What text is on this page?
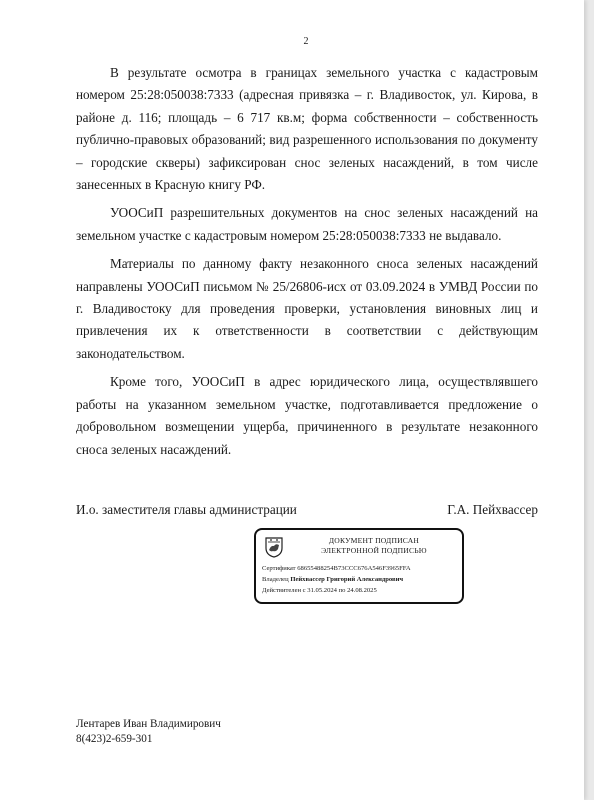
2

В результате осмотра в границах земельного участка с кадастровым номером 25:28:050038:7333 (адресная привязка – г. Владивосток, ул. Кирова, в районе д. 116; площадь – 6 717 кв.м; форма собственности – собственность публично-правовых образований; вид разрешенного использования по документу – городские скверы) зафиксирован снос зеленых насаждений, в том числе занесенных в Красную книгу РФ.

УООСиП разрешительных документов на снос зеленых насаждений на земельном участке с кадастровым номером 25:28:050038:7333 не выдавало.

Материалы по данному факту незаконного сноса зеленых насаждений направлены УООСиП письмом № 25/26806-исх от 03.09.2024 в УМВД России по г. Владивостоку для проведения проверки, установления виновных лиц и привлечения их к ответственности в соответствии с действующим законодательством.

Кроме того, УООСиП в адрес юридического лица, осуществлявшего работы на указанном земельном участке, подготавливается предложение о добровольном возмещении ущерба, причиненного в результате незаконного сноса зеленых насаждений.

И.о. заместителя главы администрации	Г.А. Пейхвассер
ДОКУМЕНТ ПОДПИСАН
ЭЛЕКТРОННОЙ ПОДПИСЬЮ
Сертификат 68655488254B73CCC676A546F3965FFA
Владелец Пейхвассер Григорий Александрович
Действителен с 31.05.2024 по 24.08.2025
Лентарев Иван Владимирович
8(423)2-659-301
